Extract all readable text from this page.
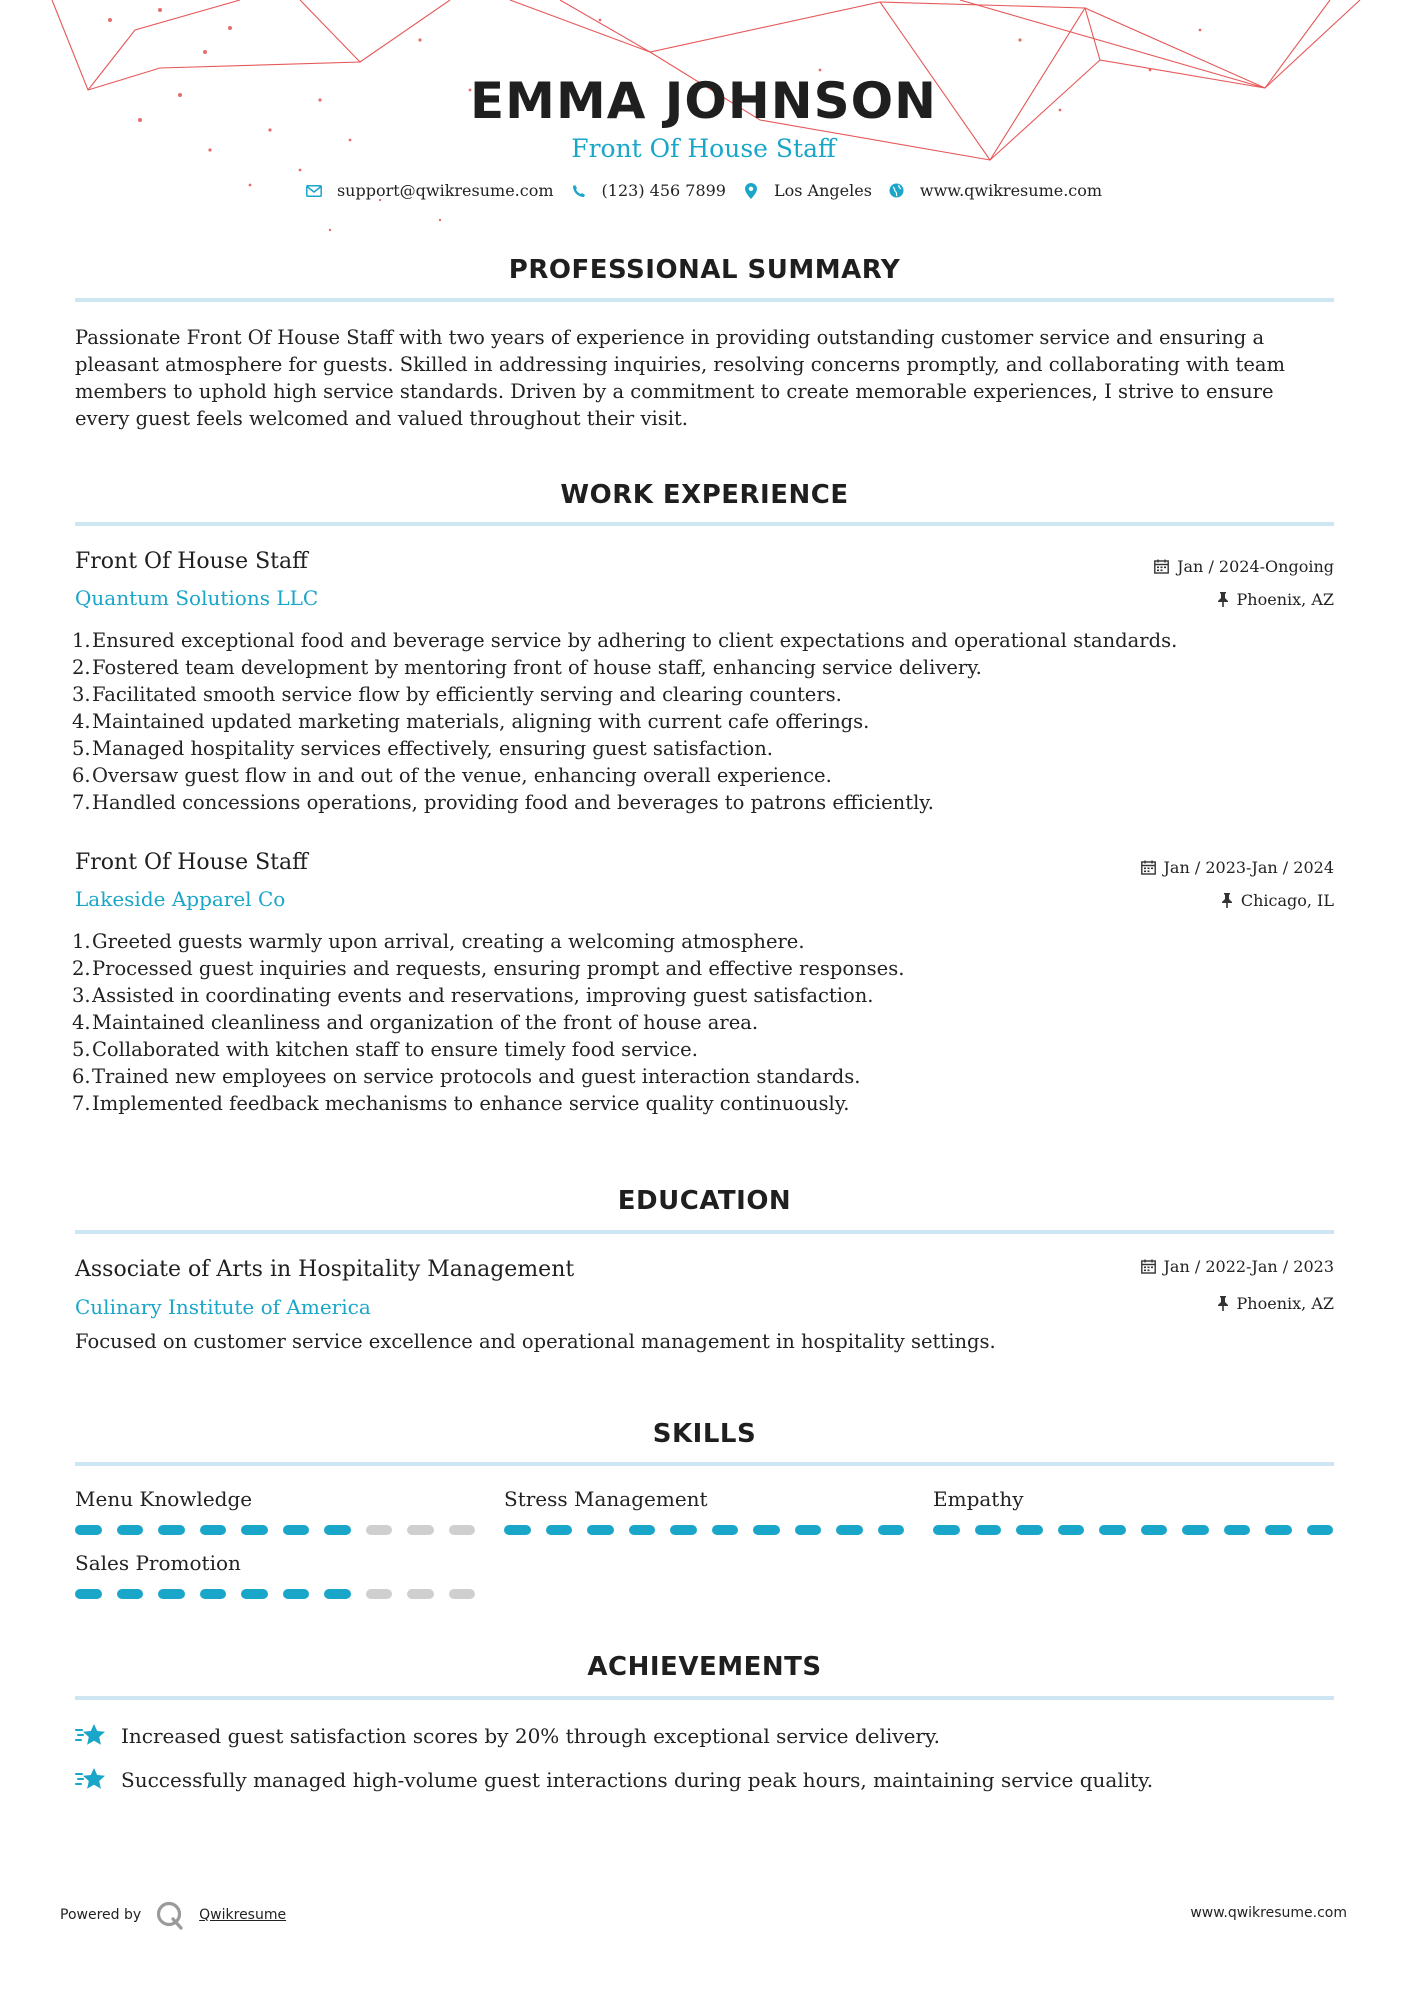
EMMA JOHNSON
Front Of House Staff
support@qwikresume.com	(123) 456 7899	Los Angeles	www.qwikresume.com
PROFESSIONAL SUMMARY

Passionate Front Of House Staff with two years of experience in providing outstanding customer service and ensuring a pleasant atmosphere for guests. Skilled in addressing inquiries, resolving concerns promptly, and collaborating with team members to uphold high service standards. Driven by a commitment to create memorable experiences, I strive to ensure every guest feels welcomed and valued throughout their visit.

WORK EXPERIENCE
Front Of House Staff
Quantum Solutions LLC
Jan / 2024-Ongoing
Phoenix, AZ
1. Ensured exceptional food and beverage service by adhering to client expectations and operational standards.
2. Fostered team development by mentoring front of house staff, enhancing service delivery.
3. Facilitated smooth service flow by efficiently serving and clearing counters.
4. Maintained updated marketing materials, aligning with current cafe offerings.
5. Managed hospitality services effectively, ensuring guest satisfaction.
6. Oversaw guest flow in and out of the venue, enhancing overall experience.
7. Handled concessions operations, providing food and beverages to patrons efficiently.
Front Of House Staff
Lakeside Apparel Co
Jan / 2023-Jan / 2024
Chicago, IL
1. Greeted guests warmly upon arrival, creating a welcoming atmosphere.
2. Processed guest inquiries and requests, ensuring prompt and effective responses.
3. Assisted in coordinating events and reservations, improving guest satisfaction.
4. Maintained cleanliness and organization of the front of house area.
5. Collaborated with kitchen staff to ensure timely food service.
6. Trained new employees on service protocols and guest interaction standards.
7. Implemented feedback mechanisms to enhance service quality continuously.
EDUCATION
Associate of Arts in Hospitality Management
Culinary Institute of America
Jan / 2022-Jan / 2023
Phoenix, AZ
Focused on customer service excellence and operational management in hospitality settings.
SKILLS
Menu Knowledge	Stress Management	Empathy
Sales Promotion
ACHIEVEMENTS
Increased guest satisfaction scores by 20% through exceptional service delivery.
Successfully managed high-volume guest interactions during peak hours, maintaining service quality.
Powered by	Qwikresume	www.qwikresume.com
